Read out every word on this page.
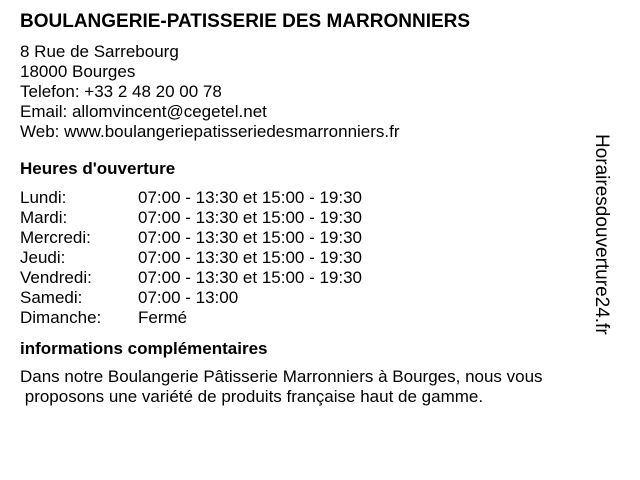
BOULANGERIE-PATISSERIE DES MARRONNIERS
8 Rue de Sarrebourg
18000 Bourges
Telefon: +33 2 48 20 00 78
Email: allomvincent@cegetel.net
Web: www.boulangeriepatisseriedesmarronniers.fr
Heures d'ouverture
Lundi:	07:00 - 13:30 et 15:00 - 19:30
Mardi:	07:00 - 13:30 et 15:00 - 19:30
Mercredi:	07:00 - 13:30 et 15:00 - 19:30
Jeudi:	07:00 - 13:30 et 15:00 - 19:30
Vendredi:	07:00 - 13:30 et 15:00 - 19:30
Samedi:	07:00 - 13:00
Dimanche:	Fermé
informations complémentaires
Dans notre Boulangerie Pâtisserie Marronniers à Bourges, nous vous
proposons une variété de produits française haut de gamme.
Horairesdouverture24.fr
